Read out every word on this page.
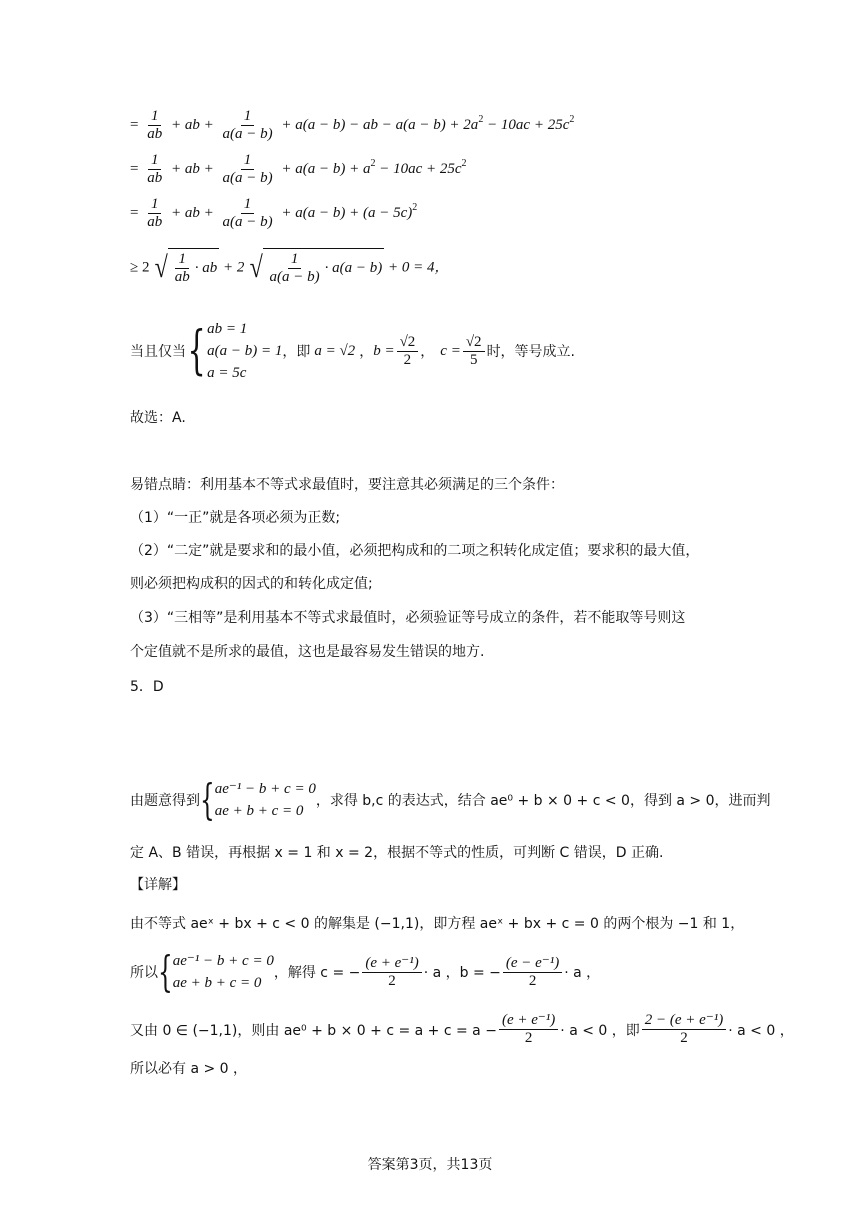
= $\frac{1}{ab}$ + ab + $\frac{1}{a(a - b)} + a(a - b)$ − ab − $a(a - b) + 2a^2 - 10ac + 25c^2$
= $\frac{1}{ab}$ + ab + $\frac{1}{a(a - b)} + a(a - b) + a^2 - 10ac + 25c^2$
= $\frac{1}{ab}$ + ab + $\frac{1}{a(a - b)} + a(a - b) + (a - 5c)^2$
≥ 2 √ $\frac{1}{ab}$ · ab + 2 √ $\frac{1}{a(a - b)} \cdot a(a - b) + 0 = 4$，
当且仅当 { ab = 1
a(a − b) = 1
a = 5c
，即 a = √2 ， $b = \frac{√2}{2}$ ， $c = \frac{√2}{5}$ 时，等号成立.
故选：A.
易错点睛：利用基本不等式求最值时，要注意其必须满足的三个条件：
（1）“一正”就是各项必须为正数;
（2）“二定”就是要求和的最小值，必须把构成和的二项之积转化成定值；要求积的最大值，
则必须把构成积的因式的和转化成定值;
（3）“三相等”是利用基本不等式求最值时，必须验证等号成立的条件，若不能取等号则这
个定值就不是所求的最值，这也是最容易发生错误的地方.
5．D
由题意得到 { ae⁻¹ − b + c = 0
ae + b + c = 0
，求得 b,c 的表达式，结合 ae⁰ + b × 0 + c < 0，得到 a > 0，进而判
定 A、B 错误，再根据 x = 1 和 x = 2，根据不等式的性质，可判断 C 错误，D 正确.
【详解】
由不等式 aeˣ + bx + c < 0 的解集是 (−1,1)，即方程 aeˣ + bx + c = 0 的两个根为 −1 和 1，
所以 { ae⁻¹ − b + c = 0
ae + b + c = 0
，解得 c = − $\frac{\text{(e + e⁻¹)}}{2} \cdot a$ ，b = − $\frac{\text{(e − e⁻¹)}}{2} \cdot a$ ，
又由 0 ∈ (−1,1)，则由 $ae^0 + b \times 0 + c = a + c = a - \frac{\text{(e + e⁻¹)}}{2} \cdot a < 0$ ，即 $\frac{\text{2 − (e + e⁻¹)}}{2} \cdot a < 0$ ，
所以必有 a > 0 ，
答案第3页，共13页
